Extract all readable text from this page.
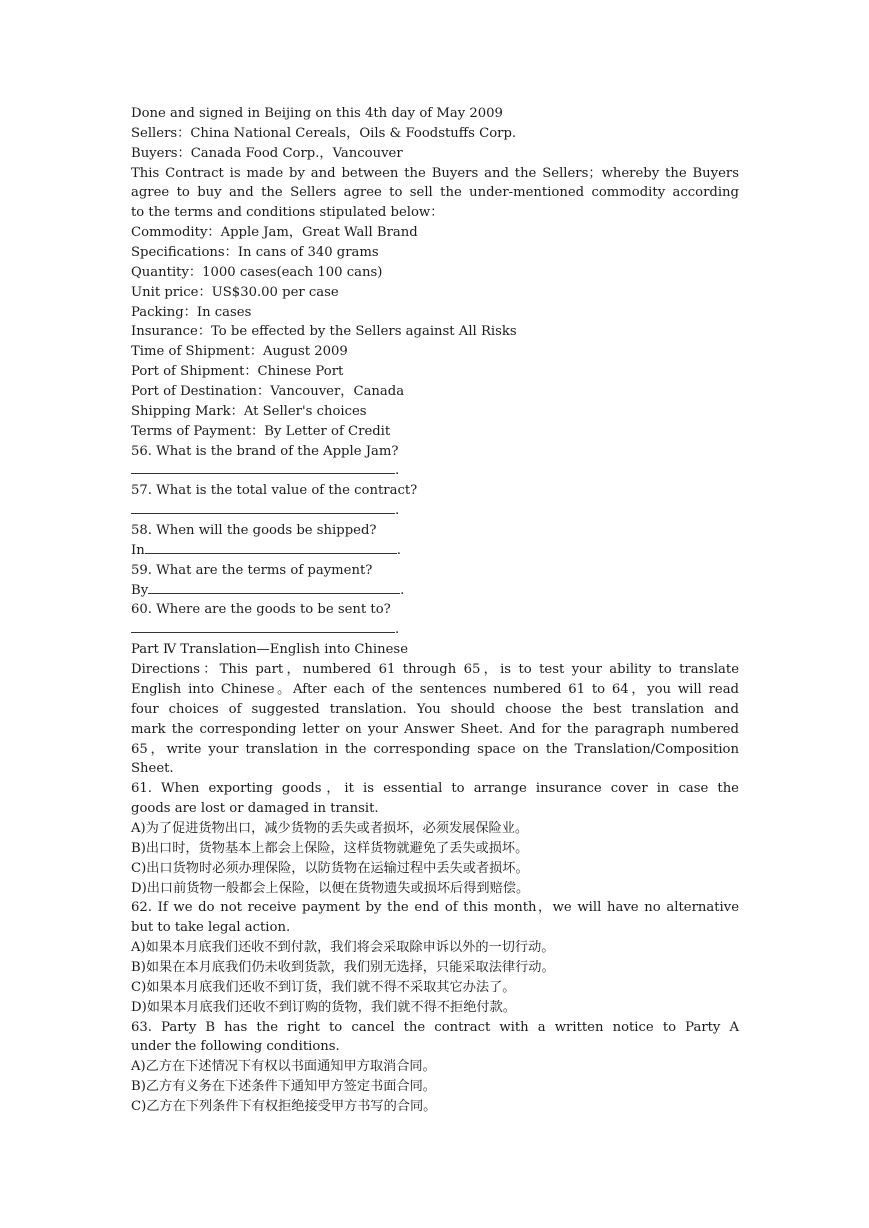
Done and signed in Beijing on this 4th day of May 2009
Sellers：China National Cereals，Oils & Foodstuffs Corp.
Buyers：Canada Food Corp.，Vancouver
This Contract is made by and between the Buyers and the Sellers；whereby the Buyers
agree to buy and the Sellers agree to sell the under-mentioned commodity according
to the terms and conditions stipulated below：
Commodity：Apple Jam，Great Wall Brand
Specifications：In cans of 340 grams
Quantity：1000 cases(each 100 cans)
Unit price：US$30.00 per case
Packing：In cases
Insurance：To be effected by the Sellers against All Risks
Time of Shipment：August 2009
Port of Shipment：Chinese Port
Port of Destination：Vancouver，Canada
Shipping Mark：At Seller's choices
Terms of Payment：By Letter of Credit
56. What is the brand of the Apple Jam?
.
57. What is the total value of the contract?
.
58. When will the goods be shipped?
In	.
59. What are the terms of payment?
By	.
60. Where are the goods to be sent to?
.
Part Ⅳ Translation—English into Chinese
Directions：This part，numbered 61 through 65，is to test your ability to translate
English into Chinese。After each of the sentences numbered 61 to 64，you will read
four choices of suggested translation. You should choose the best translation and
mark the corresponding letter on your Answer Sheet. And for the paragraph numbered
65，write your translation in the corresponding space on the Translation/Composition
Sheet.
61. When exporting goods，it is essential to arrange insurance cover in case the
goods are lost or damaged in transit.
A)为了促进货物出口，减少货物的丢失或者损坏，必须发展保险业。
B)出口时，货物基本上都会上保险，这样货物就避免了丢失或损坏。
C)出口货物时必须办理保险，以防货物在运输过程中丢失或者损坏。
D)出口前货物一般都会上保险，以便在货物遗失或损坏后得到赔偿。
62. If we do not receive payment by the end of this month，we will have no alternative
but to take legal action.
A)如果本月底我们还收不到付款，我们将会采取除申诉以外的一切行动。
B)如果在本月底我们仍未收到货款，我们别无选择，只能采取法律行动。
C)如果本月底我们还收不到订货，我们就不得不采取其它办法了。
D)如果本月底我们还收不到订购的货物，我们就不得不拒绝付款。
63. Party B has the right to cancel the contract with a written notice to Party A
under the following conditions.
A)乙方在下述情况下有权以书面通知甲方取消合同。
B)乙方有义务在下述条件下通知甲方签定书面合同。
C)乙方在下列条件下有权拒绝接受甲方书写的合同。
